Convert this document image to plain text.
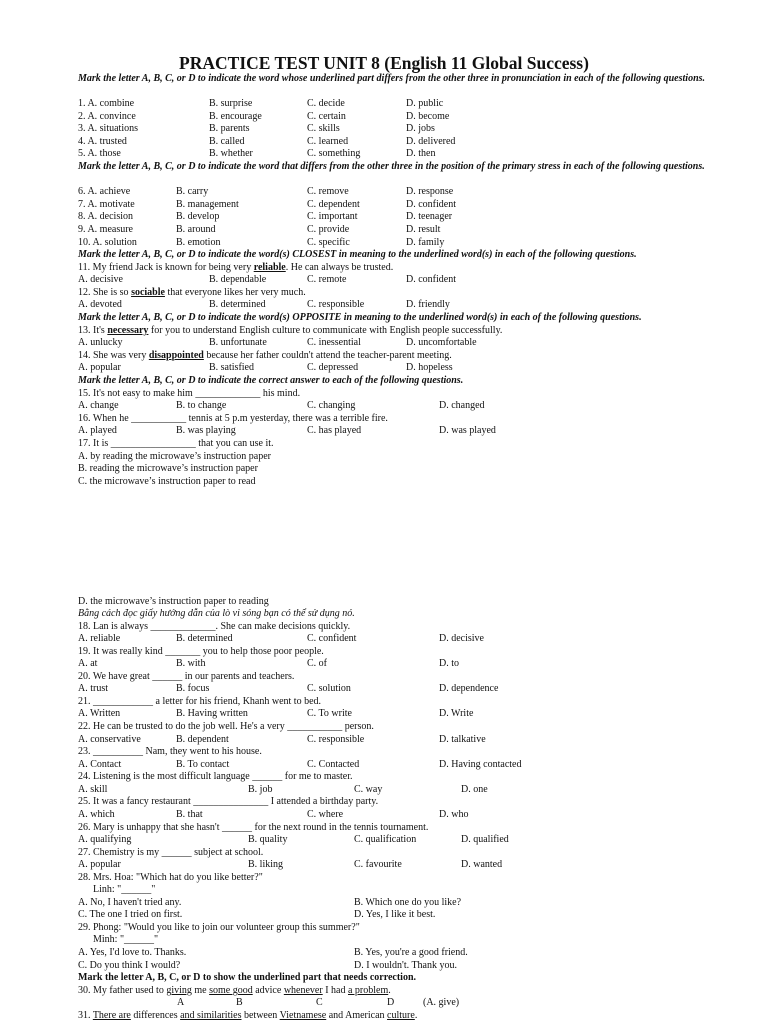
PRACTICE TEST UNIT 8 (English 11 Global Success)
Mark the letter A, B, C, or D to indicate the word whose underlined part differs from the other three in pronunciation in each of the following questions.
1. A. combine	B. surprise	C. decide	D. public
2. A. convince	B. encourage	C. certain	D. become
3. A. situations	B. parents	C. skills	D. jobs
4. A. trusted	B. called	C. learned	D. delivered
5. A. those	B. whether	C. something	D. then
Mark the letter A, B, C, or D to indicate the word that differs from the other three in the position of the primary stress in each of the following questions.
6. A. achieve	B. carry	C. remove	D. response
7. A. motivate	B. management	C. dependent	D. confident
8. A. decision	B. develop	C. important	D. teenager
9. A. measure	B. around	C. provide	D. result
10. A. solution	B. emotion	C. specific	D. family
Mark the letter A, B, C, or D to indicate the word(s) CLOSEST in meaning to the underlined word(s) in each of the following questions.
11. My friend Jack is known for being very reliable. He can always be trusted.
A. decisive	B. dependable	C. remote	D. confident
12. She is so sociable that everyone likes her very much.
A. devoted	B. determined	C. responsible	D. friendly
Mark the letter A, B, C, or D to indicate the word(s) OPPOSITE in meaning to the underlined word(s) in each of the following questions.
13. It's necessary for you to understand English culture to communicate with English people successfully.
A. unlucky	B. unfortunate	C. inessential	D. uncomfortable
14. She was very disappointed because her father couldn't attend the teacher-parent meeting.
A. popular	B. satisfied	C. depressed	D. hopeless
Mark the letter A, B, C, or D to indicate the correct answer to each of the following questions.
15. It's not easy to make him _____________ his mind.
A. change	B. to change	C. changing	D. changed
16. When he ___________ tennis at 5 p.m yesterday, there was a terrible fire.
A. played	B. was playing	C. has played	D. was played
17. It is _________________ that you can use it.
A. by reading the microwave’s instruction paper
B. reading the microwave’s instruction paper
C. the microwave’s instruction paper to read
D. the microwave’s instruction paper to reading
Bằng cách đọc giấy hướng dẫn của lò vi sóng bạn có thể sử dụng nó.
18. Lan is always _____________. She can make decisions quickly.
A. reliable	B. determined	C. confident	D. decisive
19. It was really kind _______ you to help those poor people.
A. at	B. with	C. of	D. to
20. We have great ______ in our parents and teachers.
A. trust	B. focus	C. solution	D. dependence
21. ____________ a letter for his friend, Khanh went to bed.
A. Written	B. Having written	C. To write	D. Write
22. He can be trusted to do the job well. He's a very ___________ person.
A. conservative	B. dependent	C. responsible	D. talkative
23. __________ Nam, they went to his house.
A. Contact	B. To contact	C. Contacted	D. Having contacted
24. Listening is the most difficult language ______ for me to master.
A. skill	B. job	C. way	D. one
25. It was a fancy restaurant _______________ I attended a birthday party.
A. which	B. that	C. where	D. who
26. Mary is unhappy that she hasn't ______ for the next round in the tennis tournament.
A. qualifying	B. quality	C. qualification	D. qualified
27. Chemistry is my ______ subject at school.
A. popular	B. liking	C. favourite	D. wanted
28. Mrs. Hoa: "Which hat do you like better?"
Linh: "______"
A. No, I haven't tried any.	B. Which one do you like?
C. The one I tried on first.	D. Yes, I like it best.
29. Phong: "Would you like to join our volunteer group this summer?"
Minh: "______"
A. Yes, I'd love to. Thanks.	B. Yes, you're a good friend.
C. Do you think I would?	D. I wouldn't. Thank you.
Mark the letter A, B, C, or D to show the underlined part that needs correction.
30. My father used to giving me some good advice whenever I had a problem.
A	B	C	D	(A. give)
31. There are differences and similarities between Vietnamese and American culture.
